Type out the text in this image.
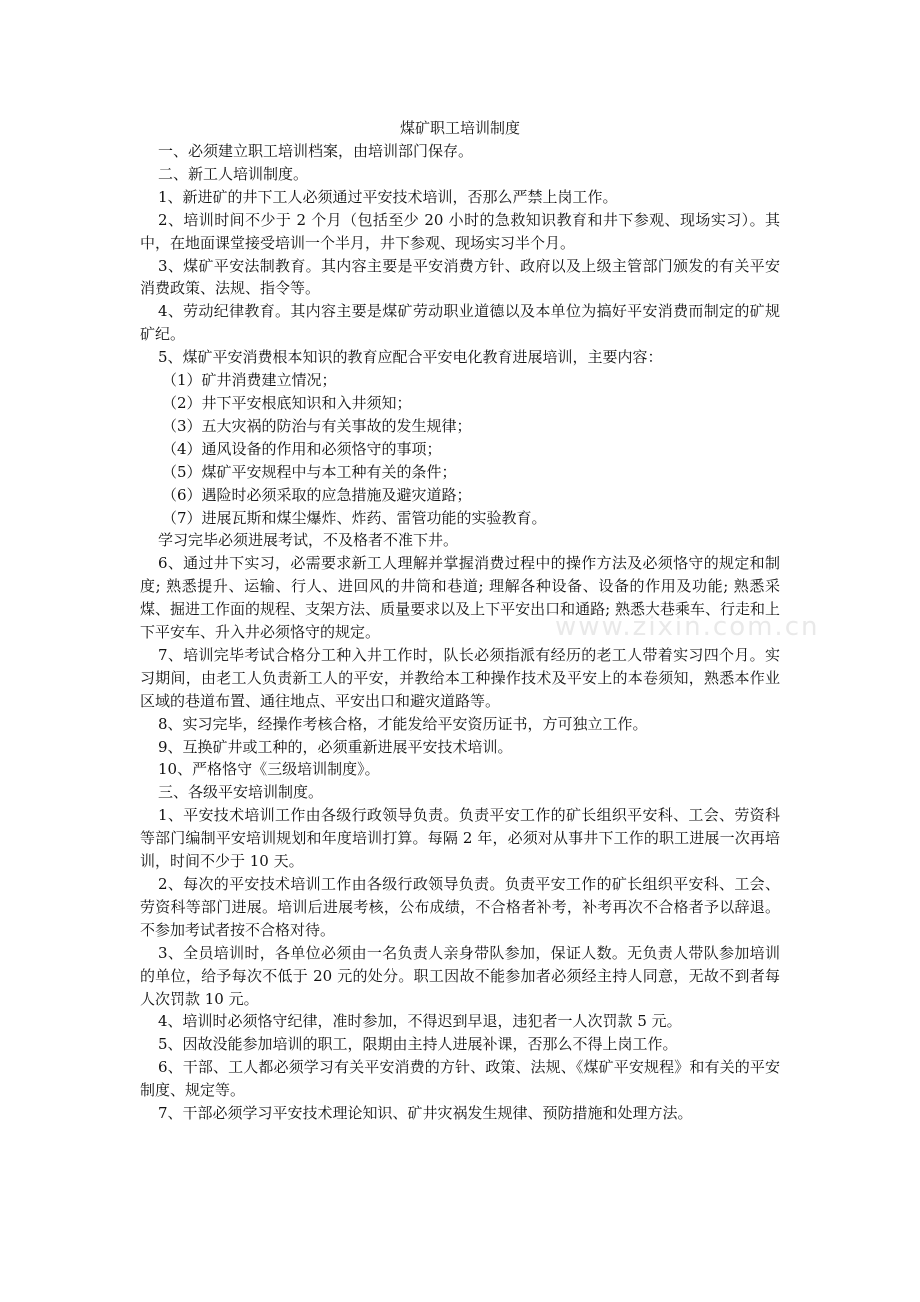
www.zixin.com.cn
煤矿职工培训制度

一、必须建立职工培训档案，由培训部门保存。

二、新工人培训制度。

1、新进矿的井下工人必须通过平安技术培训，否那么严禁上岗工作。

2、培训时间不少于 2 个月（包括至少 20 小时的急救知识教育和井下参观、现场实习）。其中，在地面课堂接受培训一个半月，井下参观、现场实习半个月。

3、煤矿平安法制教育。其内容主要是平安消费方针、政府以及上级主管部门颁发的有关平安消费政策、法规、指令等。

4、劳动纪律教育。其内容主要是煤矿劳动职业道德以及本单位为搞好平安消费而制定的矿规矿纪。

5、煤矿平安消费根本知识的教育应配合平安电化教育进展培训，主要内容：

（1）矿井消费建立情况；

（2）井下平安根底知识和入井须知；

（3）五大灾祸的防治与有关事故的发生规律；

（4）通风设备的作用和必须恪守的事项；

（5）煤矿平安规程中与本工种有关的条件；

（6）遇险时必须采取的应急措施及避灾道路；

（7）进展瓦斯和煤尘爆炸、炸药、雷管功能的实验教育。

学习完毕必须进展考试，不及格者不准下井。

6、通过井下实习，必需要求新工人理解并掌握消费过程中的操作方法及必须恪守的规定和制度; 熟悉提升、运输、行人、进回风的井筒和巷道; 理解各种设备、设备的作用及功能; 熟悉采煤、掘进工作面的规程、支架方法、质量要求以及上下平安出口和通路; 熟悉大巷乘车、行走和上下平安车、升入井必须恪守的规定。

7、培训完毕考试合格分工种入井工作时，队长必须指派有经历的老工人带着实习四个月。实习期间，由老工人负责新工人的平安，并教给本工种操作技术及平安上的本卷须知，熟悉本作业区域的巷道布置、通往地点、平安出口和避灾道路等。

8、实习完毕，经操作考核合格，才能发给平安资历证书，方可独立工作。

9、互换矿井或工种的，必须重新进展平安技术培训。

10、严格恪守《三级培训制度》。

三、各级平安培训制度。

1、平安技术培训工作由各级行政领导负责。负责平安工作的矿长组织平安科、工会、劳资科等部门编制平安培训规划和年度培训打算。每隔 2 年，必须对从事井下工作的职工进展一次再培训，时间不少于 10 天。

2、每次的平安技术培训工作由各级行政领导负责。负责平安工作的矿长组织平安科、工会、劳资科等部门进展。培训后进展考核，公布成绩，不合格者补考，补考再次不合格者予以辞退。不参加考试者按不合格对待。

3、全员培训时，各单位必须由一名负责人亲身带队参加，保证人数。无负责人带队参加培训的单位，给予每次不低于 20 元的处分。职工因故不能参加者必须经主持人同意，无故不到者每人次罚款 10 元。

4、培训时必须恪守纪律，准时参加，不得迟到早退，违犯者一人次罚款 5 元。

5、因故没能参加培训的职工，限期由主持人进展补课，否那么不得上岗工作。

6、干部、工人都必须学习有关平安消费的方针、政策、法规、《煤矿平安规程》和有关的平安制度、规定等。

7、干部必须学习平安技术理论知识、矿井灾祸发生规律、预防措施和处理方法。
